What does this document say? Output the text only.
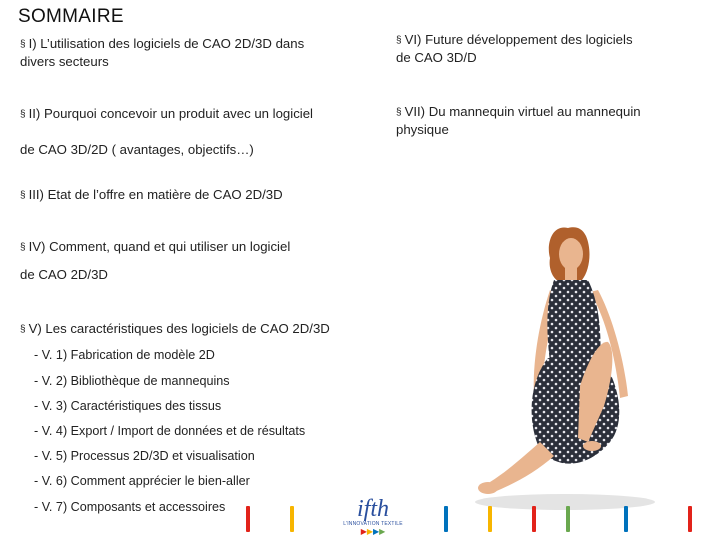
SOMMAIRE
§ I) L’utilisation des logiciels de CAO 2D/3D dans
divers secteurs
§ II) Pourquoi concevoir un produit avec un logiciel
de CAO 3D/2D ( avantages, objectifs…)
§ III) Etat de l’offre en matière de CAO 2D/3D
§ IV) Comment, quand et qui utiliser un logiciel
de CAO 2D/3D
§ V) Les caractéristiques des logiciels de CAO 2D/3D
- V. 1) Fabrication de modèle 2D
- V. 2) Bibliothèque de mannequins
- V. 3) Caractéristiques des tissus
- V. 4) Export / Import de données et de résultats
- V. 5) Processus 2D/3D et visualisation
- V. 6) Comment apprécier le bien-aller
- V. 7) Composants et accessoires
§ VI) Future développement des logiciels
de CAO 3D/D
§ VII) Du mannequin virtuel au mannequin
physique
ifth
L’INNOVATION TEXTILE
▶▶▶▶
